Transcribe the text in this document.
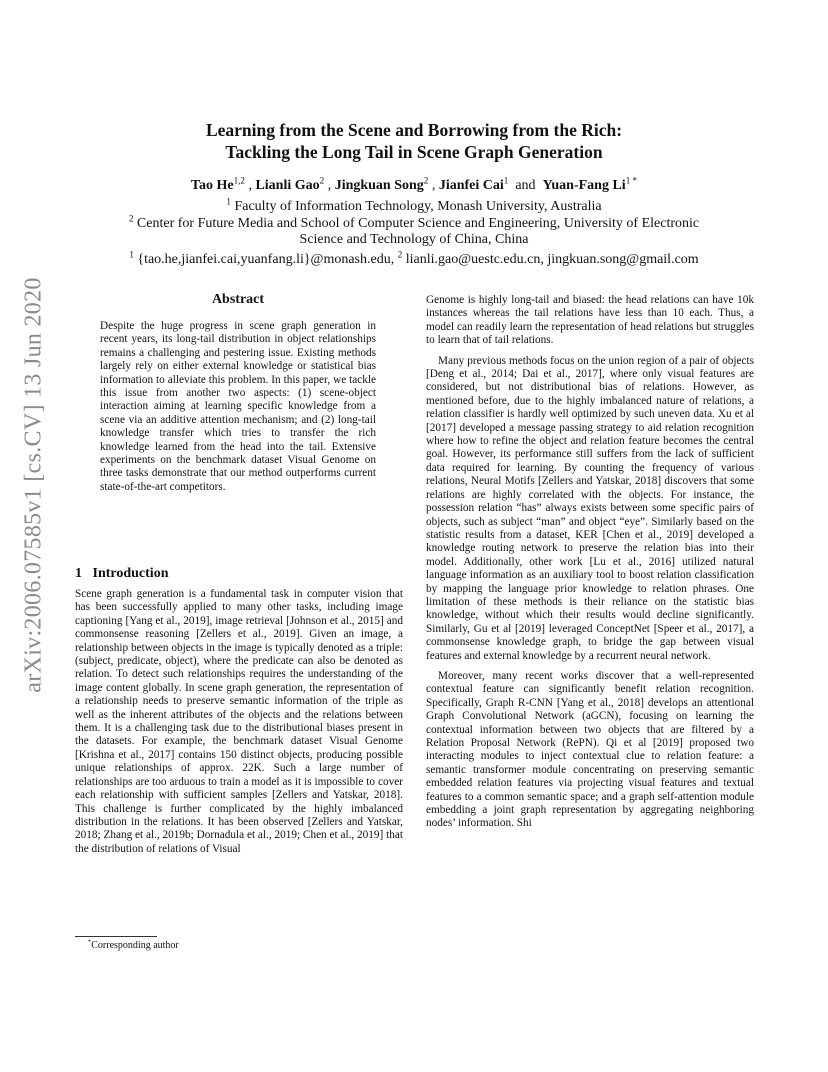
arXiv:2006.07585v1 [cs.CV] 13 Jun 2020
Learning from the Scene and Borrowing from the Rich:
Tackling the Long Tail in Scene Graph Generation
Tao He$^{1,2}$ , Lianli Gao$^2$ , Jingkuan Song$^2$ , Jianfei Cai$^1$ and Yuan-Fang $Li^{1 *}$
$^1$ Faculty of Information Technology, Monash University, Australia
$^2$ Center for Future Media and School of Computer Science and Engineering, University of Electronic
Science and Technology of China, China
$^1$ {tao.he,jianfei.cai,yuanfang.li}@monash.edu, $^2$ lianli.gao@uestc.edu.cn, jingkuan.song@gmail.com
Abstract

Despite the huge progress in scene graph generation in recent years, its long-tail distribution in object relationships remains a challenging and pestering issue. Existing methods largely rely on either external knowledge or statistical bias information to alleviate this problem. In this paper, we tackle this issue from another two aspects: (1) scene-object interaction aiming at learning specific knowledge from a scene via an additive attention mechanism; and (2) long-tail knowledge transfer which tries to transfer the rich knowledge learned from the head into the tail. Extensive experiments on the benchmark dataset Visual Genome on three tasks demonstrate that our method outperforms current state-of-the-art competitors.

1 Introduction

Scene graph generation is a fundamental task in computer vision that has been successfully applied to many other tasks, including image captioning [Yang et al., 2019], image retrieval [Johnson et al., 2015] and commonsense reasoning [Zellers et al., 2019]. Given an image, a relationship between objects in the image is typically denoted as a triple: (subject, predicate, object), where the predicate can also be denoted as relation. To detect such relationships requires the understanding of the image content globally. In scene graph generation, the representation of a relationship needs to preserve semantic information of the triple as well as the inherent attributes of the objects and the relations between them. It is a challenging task due to the distributional biases present in the datasets. For example, the benchmark dataset Visual Genome [Krishna et al., 2017] contains 150 distinct objects, producing possible unique relationships of approx. 22K. Such a large number of relationships are too arduous to train a model as it is impossible to cover each relationship with sufficient samples [Zellers and Yatskar, 2018]. This challenge is further complicated by the highly imbalanced distribution in the relations. It has been observed [Zellers and Yatskar, 2018; Zhang et al., 2019b; Dornadula et al., 2019; Chen et al., 2019] that the distribution of relations of Visual

Genome is highly long-tail and biased: the head relations can have 10k instances whereas the tail relations have less than 10 each. Thus, a model can readily learn the representation of head relations but struggles to learn that of tail relations.

Many previous methods focus on the union region of a pair of objects [Deng et al., 2014; Dai et al., 2017], where only visual features are considered, but not distributional bias of relations. However, as mentioned before, due to the highly imbalanced nature of relations, a relation classifier is hardly well optimized by such uneven data. Xu et al [2017] developed a message passing strategy to aid relation recognition where how to refine the object and relation feature becomes the central goal. However, its performance still suffers from the lack of sufficient data required for learning. By counting the frequency of various relations, Neural Motifs [Zellers and Yatskar, 2018] discovers that some relations are highly correlated with the objects. For instance, the possession relation “has” always exists between some specific pairs of objects, such as subject “man” and object “eye”. Similarly based on the statistic results from a dataset, KER [Chen et al., 2019] developed a knowledge routing network to preserve the relation bias into their model. Additionally, other work [Lu et al., 2016] utilized natural language information as an auxiliary tool to boost relation classification by mapping the language prior knowledge to relation phrases. One limitation of these methods is their reliance on the statistic bias knowledge, without which their results would decline significantly. Similarly, Gu et al [2019] leveraged ConceptNet [Speer et al., 2017], a commonsense knowledge graph, to bridge the gap between visual features and external knowledge by a recurrent neural network.

Moreover, many recent works discover that a well-represented contextual feature can significantly benefit relation recognition. Specifically, Graph R-CNN [Yang et al., 2018] develops an attentional Graph Convolutional Network (aGCN), focusing on learning the contextual information between two objects that are filtered by a Relation Proposal Network (RePN). Qi et al [2019] proposed two interacting modules to inject contextual clue to relation feature: a semantic transformer module concentrating on preserving semantic embedded relation features via projecting visual features and textual features to a common semantic space; and a graph self-attention module embedding a joint graph representation by aggregating neighboring nodes’ information. Shi

*Corresponding author
